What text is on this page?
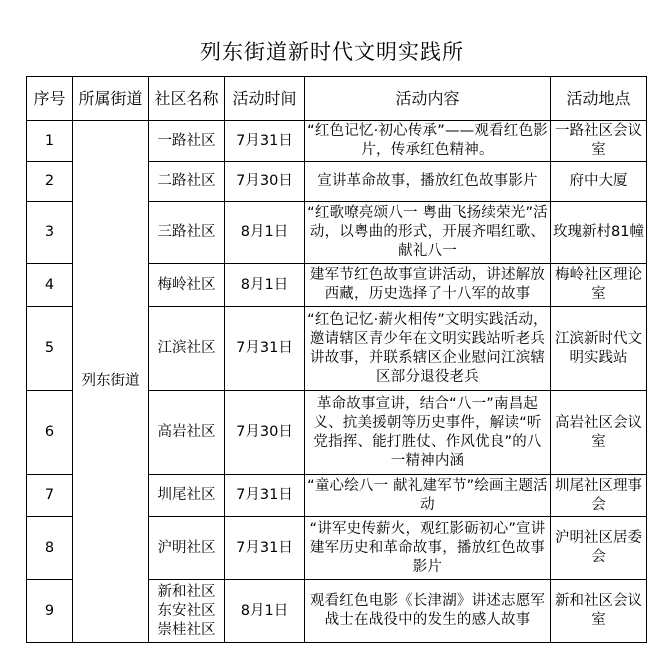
列东街道新时代文明实践所
序号	所属街道	社区名称	活动时间	活动内容	活动地点
1	列东街道	一路社区	7月31日	“红色记忆·初心传承”——观看红色影片，传承红色精神。	一路社区会议室
2		二路社区	7月30日	宣讲革命故事，播放红色故事影片	府中大厦
3		三路社区	8月1日	“红歌嘹亮颂八一 粤曲飞扬续荣光”活动，以粤曲的形式，开展齐唱红歌、献礼八一	玫瑰新村81幢
4		梅岭社区	8月1日	建军节红色故事宣讲活动，讲述解放西藏，历史选择了十八军的故事	梅岭社区理论室
5		江滨社区	7月31日	“红色记忆·薪火相传”文明实践活动，邀请辖区青少年在文明实践站听老兵讲故事，并联系辖区企业慰问江滨辖区部分退役老兵	江滨新时代文明实践站
6		高岩社区	7月30日	革命故事宣讲，结合“八一”南昌起义、抗美援朝等历史事件，解读“听党指挥、能打胜仗、作风优良”的八一精神内涵	高岩社区会议室
7		圳尾社区	7月31日	“童心绘八一 献礼建军节”绘画主题活动	圳尾社区理事会
8		沪明社区	7月31日	“讲军史传薪火，观红影砺初心”宣讲建军历史和革命故事，播放红色故事影片	沪明社区居委会
9		新和社区东安社区崇桂社区	8月1日	观看红色电影《长津湖》讲述志愿军战士在战役中的发生的感人故事	新和社区会议室
